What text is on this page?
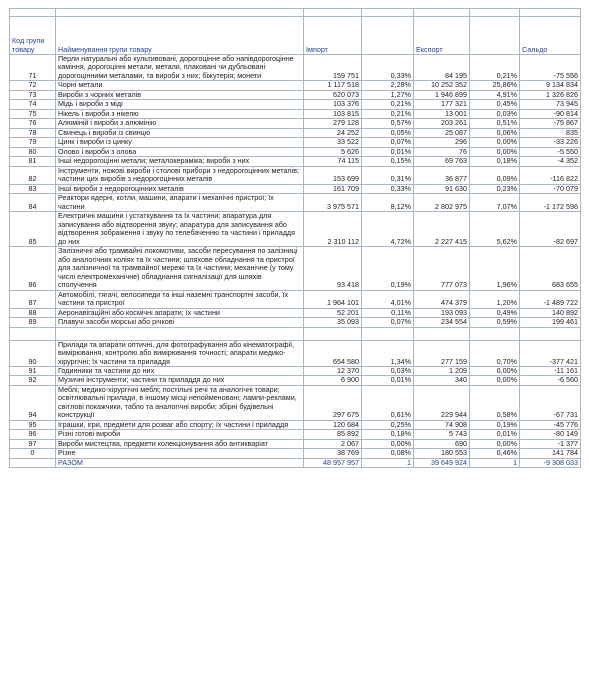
Код групи товару	Найменування групи товару	Імпорт		Експорт		Сальдо
71	Перли натуральні або культивовані, дорогоцінне або напівдорогоцінне каміння, дорогоцінні метали, метали, плаковані чи дубльовані дорогоцінними металами, та вироби з них; біжутерія; монети	159 751	0,33%	84 195	0,21%	-75 556
72	Чорні метали	1 117 518	2,28%	10 252 352	25,86%	9 134 834
73	Вироби з чорних металів	620 073	1,27%	1 946 899	4,91%	1 326 826
74	Мідь і вироби з міді	103 376	0,21%	177 321	0,45%	73 945
75	Нікель і вироби з нікелю	103 815	0,21%	13 001	0,03%	-90 814
76	Алюміній і вироби з алюмінію	279 128	0,57%	203 261	0,51%	-75 867
78	Свинець і вироби із свинцю	24 252	0,05%	25 087	0,06%	835
79	Цинк і вироби із цинку	33 522	0,07%	296	0,00%	-33 226
80	Олово і вироби з олова	5 626	0,01%	76	0,00%	-5 550
81	Інші недорогоцінні метали; металокераміка; вироби з них	74 115	0,15%	69 763	0,18%	-4 352
82	Інструменти, ножові вироби і столові прибори з недорогоцінних металів; частини цих виробів з недорогоцінних металів	153 699	0,31%	36 877	0,09%	-116 822
83	Інші вироби з недорогоцінних металів	161 709	0,33%	91 630	0,23%	-70 079
84	Реактори ядерні, котли, машини, апарати і механічні пристрої; їх частини	3 975 571	8,12%	2 802 975	7,07%	-1 172 596
85	Електричні машини і устаткування та їх частини; апаратура для записування або відтворення звуку; апаратура для записування або відтворення зображення і звуку по телебаченню та частини і приладдя до них	2 310 112	4,72%	2 227 415	5,62%	-82 697
86	Залізничні або трамвайні локомотиви, засоби пересування по залізниці або аналогічних коліях та їх частини; шляхове обладнання та пристрої для залізничної та трамвайної мережі та їх частини; механічне (у тому числі електромеханічне) обладнання сигналізації для шляхів сполучення	93 418	0,19%	777 073	1,96%	683 655
87	Автомобілі, тягачі, велосипеди та інші наземні транспортні засоби, їх частини та пристрої	1 964 101	4,01%	474 379	1,20%	-1 489 722
88	Аеронавігаційні або космічні апарати; їх частини	52 201	0,11%	193 093	0,49%	140 892
89	Плавучі засоби морські або річкові	35 093	0,07%	234 554	0,59%	199 461

90	Прилади та апарати оптичні, для фотографування або кінематографії, вимірювання, контролю або вимірювання точності; апарати медико-хірургічні; їх частини та приладдя	654 580	1,34%	277 159	0,70%	-377 421
91	Годинники та частини до них	12 370	0,03%	1 209	0,00%	-11 161
92	Музичні інструменти; частини та приладдя до них	6 900	0,01%	340	0,00%	-6 560
94	Меблі; медико-хірургічні меблі; постільні речі та аналогічні товари; освітлювальні прилади, в іншому місці непойменовані; лампи-реклами, світлові покажчики, табло та аналогічні вироби; збірні будівельні конструкції	297 675	0,61%	229 944	0,58%	-67 731
95	Іграшки, ігри, предмети для розваг або спорту; їх частини і приладдя	120 684	0,25%	74 908	0,19%	-45 776
96	Різні готові вироби	85 892	0,18%	5 743	0,01%	-80 149
97	Вироби мистецтва, предмети колекціонування або антикваріат	2 067	0,00%	690	0,00%	-1 377
0	Різне	38 769	0,08%	180 553	0,46%	141 784
	РАЗОМ	48 957 957	1	39 649 924	1	-9 308 033
